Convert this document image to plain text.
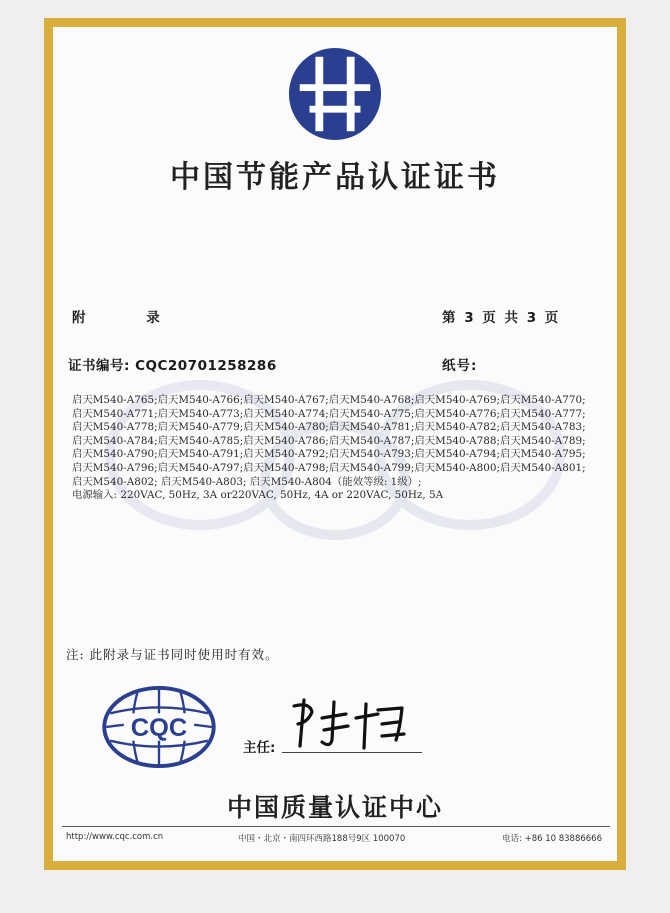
中国节能产品认证证书
附 录	第 3 页 共 3 页
证书编号: CQC20701258286	纸号:
启天M540-A765;启天M540-A766;启天M540-A767;启天M540-A768;启天M540-A769;启天M540-A770;
启天M540-A771;启天M540-A773;启天M540-A774;启天M540-A775;启天M540-A776;启天M540-A777;
启天M540-A778;启天M540-A779;启天M540-A780;启天M540-A781;启天M540-A782;启天M540-A783;
启天M540-A784;启天M540-A785;启天M540-A786;启天M540-A787;启天M540-A788;启天M540-A789;
启天M540-A790;启天M540-A791;启天M540-A792;启天M540-A793;启天M540-A794;启天M540-A795;
启天M540-A796;启天M540-A797;启天M540-A798;启天M540-A799;启天M540-A800;启天M540-A801;
启天M540-A802; 启天M540-A803; 启天M540-A804（能效等级: 1级）;
电源输入: 220VAC, 50Hz, 3A or220VAC, 50Hz, 4A or 220VAC, 50Hz, 5A
注: 此附录与证书同时使用时有效。
CQC
主任:
中国质量认证中心
http://www.cqc.com.cn	中国・北京・南四环西路188号9区 100070	电话: +86 10 83886666
